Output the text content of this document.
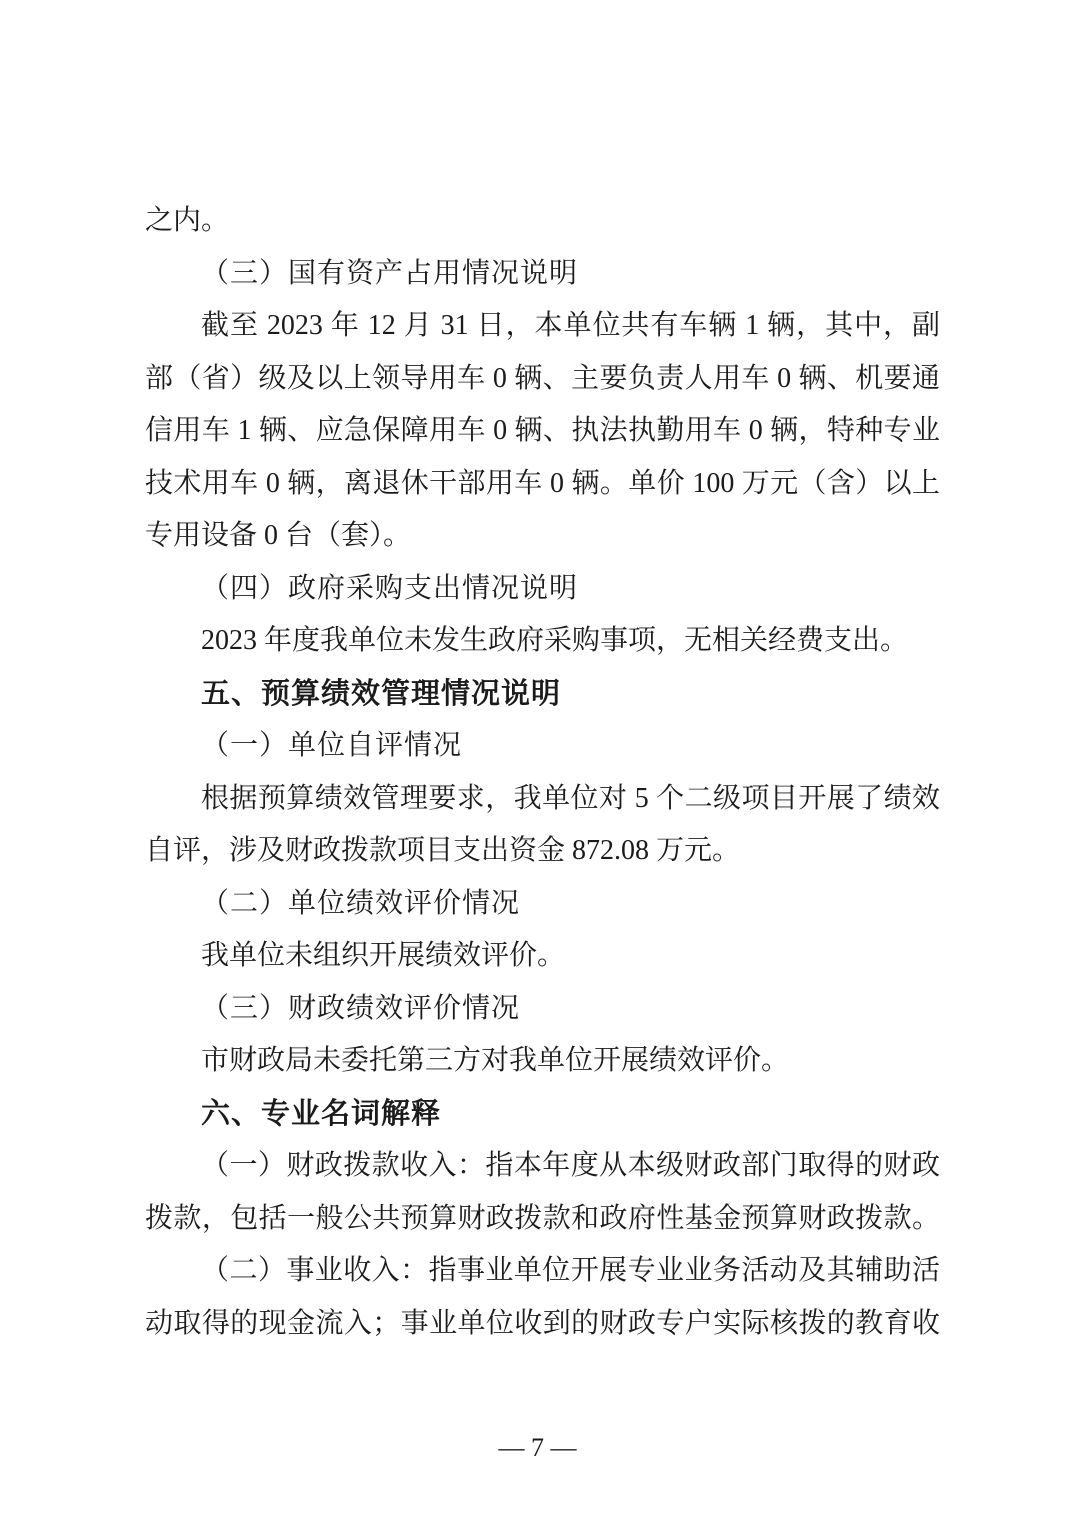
之内。
（三）国有资产占用情况说明
截至 2023 年 12 月 31 日，本单位共有车辆 1 辆，其中，副
部（省）级及以上领导用车 0 辆、主要负责人用车 0 辆、机要通
信用车 1 辆、应急保障用车 0 辆、执法执勤用车 0 辆，特种专业
技术用车 0 辆，离退休干部用车 0 辆。单价 100 万元（含）以上
专用设备 0 台（套）。
（四）政府采购支出情况说明
2023 年度我单位未发生政府采购事项，无相关经费支出。
五、预算绩效管理情况说明
（一）单位自评情况
根据预算绩效管理要求，我单位对 5 个二级项目开展了绩效
自评，涉及财政拨款项目支出资金 872.08 万元。
（二）单位绩效评价情况
我单位未组织开展绩效评价。
（三）财政绩效评价情况
市财政局未委托第三方对我单位开展绩效评价。
六、专业名词解释
（一）财政拨款收入：指本年度从本级财政部门取得的财政
拨款，包括一般公共预算财政拨款和政府性基金预算财政拨款。
（二）事业收入：指事业单位开展专业业务活动及其辅助活
动取得的现金流入；事业单位收到的财政专户实际核拨的教育收
— 7 —
